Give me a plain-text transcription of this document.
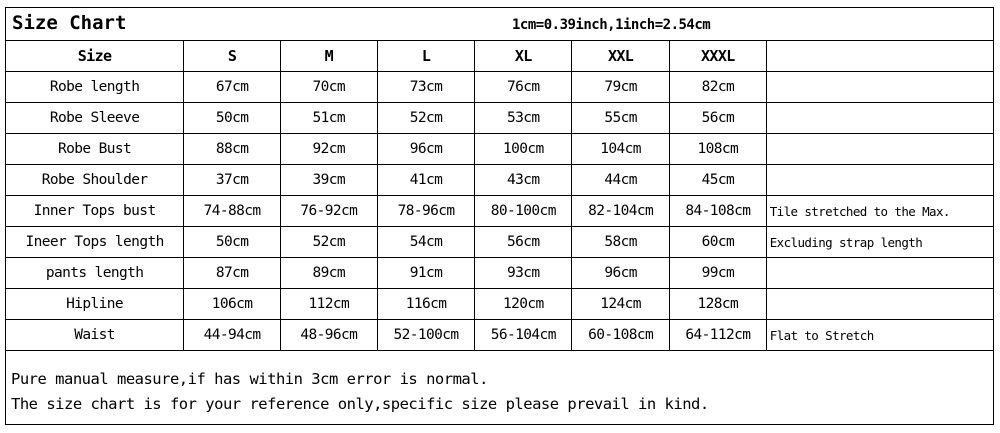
Size Chart	1cm=0.39inch,1inch=2.54cm
Size	S	M	L	XL	XXL	XXXL	
Robe length	67cm	70cm	73cm	76cm	79cm	82cm	
Robe Sleeve	50cm	51cm	52cm	53cm	55cm	56cm	
Robe Bust	88cm	92cm	96cm	100cm	104cm	108cm	
Robe Shoulder	37cm	39cm	41cm	43cm	44cm	45cm	
Inner Tops bust	74-88cm	76-92cm	78-96cm	80-100cm	82-104cm	84-108cm	Tile stretched to the Max.
Ineer Tops length	50cm	52cm	54cm	56cm	58cm	60cm	Excluding strap length
pants length	87cm	89cm	91cm	93cm	96cm	99cm	
Hipline	106cm	112cm	116cm	120cm	124cm	128cm	
Waist	44-94cm	48-96cm	52-100cm	56-104cm	60-108cm	64-112cm	Flat to Stretch
Pure manual measure,if has within 3cm error is normal.
The size chart is for your reference only,specific size please prevail in kind.
